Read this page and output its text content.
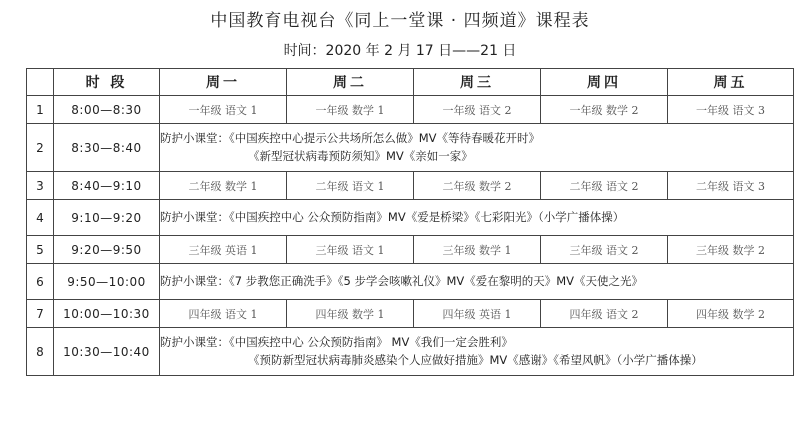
中国教育电视台《同上一堂课 · 四频道》课程表
时间：2020 年 2 月 17 日——21 日
	时 段	周一	周二	周三	周四	周五
1	8:00—8:30	一年级 语文 1	一年级 数学 1	一年级 语文 2	一年级 数学 2	一年级 语文 3
2	8:30—8:40	防护小课堂：《中国疾控中心提示公共场所怎么做》MV《等待春暖花开时》

《新型冠状病毒预防须知》MV《亲如一家》				

3	8:40—9:10	二年级 数学 1	二年级 语文 1	二年级 数学 2	二年级 语文 2	二年级 语文 3
4	9:10—9:20	防护小课堂：《中国疾控中心 公众预防指南》MV《爱是桥梁》《七彩阳光》（小学广播体操）				
5	9:20—9:50	三年级 英语 1	三年级 语文 1	三年级 数学 1	三年级 语文 2	三年级 数学 2
6	9:50—10:00	防护小课堂：《7 步教您正确洗手》《5 步学会咳嗽礼仪》MV《爱在黎明的天》MV《天使之光》				
7	10:00—10:30	四年级 语文 1	四年级 数学 1	四年级 英语 1	四年级 语文 2	四年级 数学 2
8	10:30—10:40	防护小课堂：《中国疾控中心 公众预防指南》 MV《我们一定会胜利》

《预防新型冠状病毒肺炎感染个人应做好措施》MV《感谢》《希望风帆》（小学广播体操）				
